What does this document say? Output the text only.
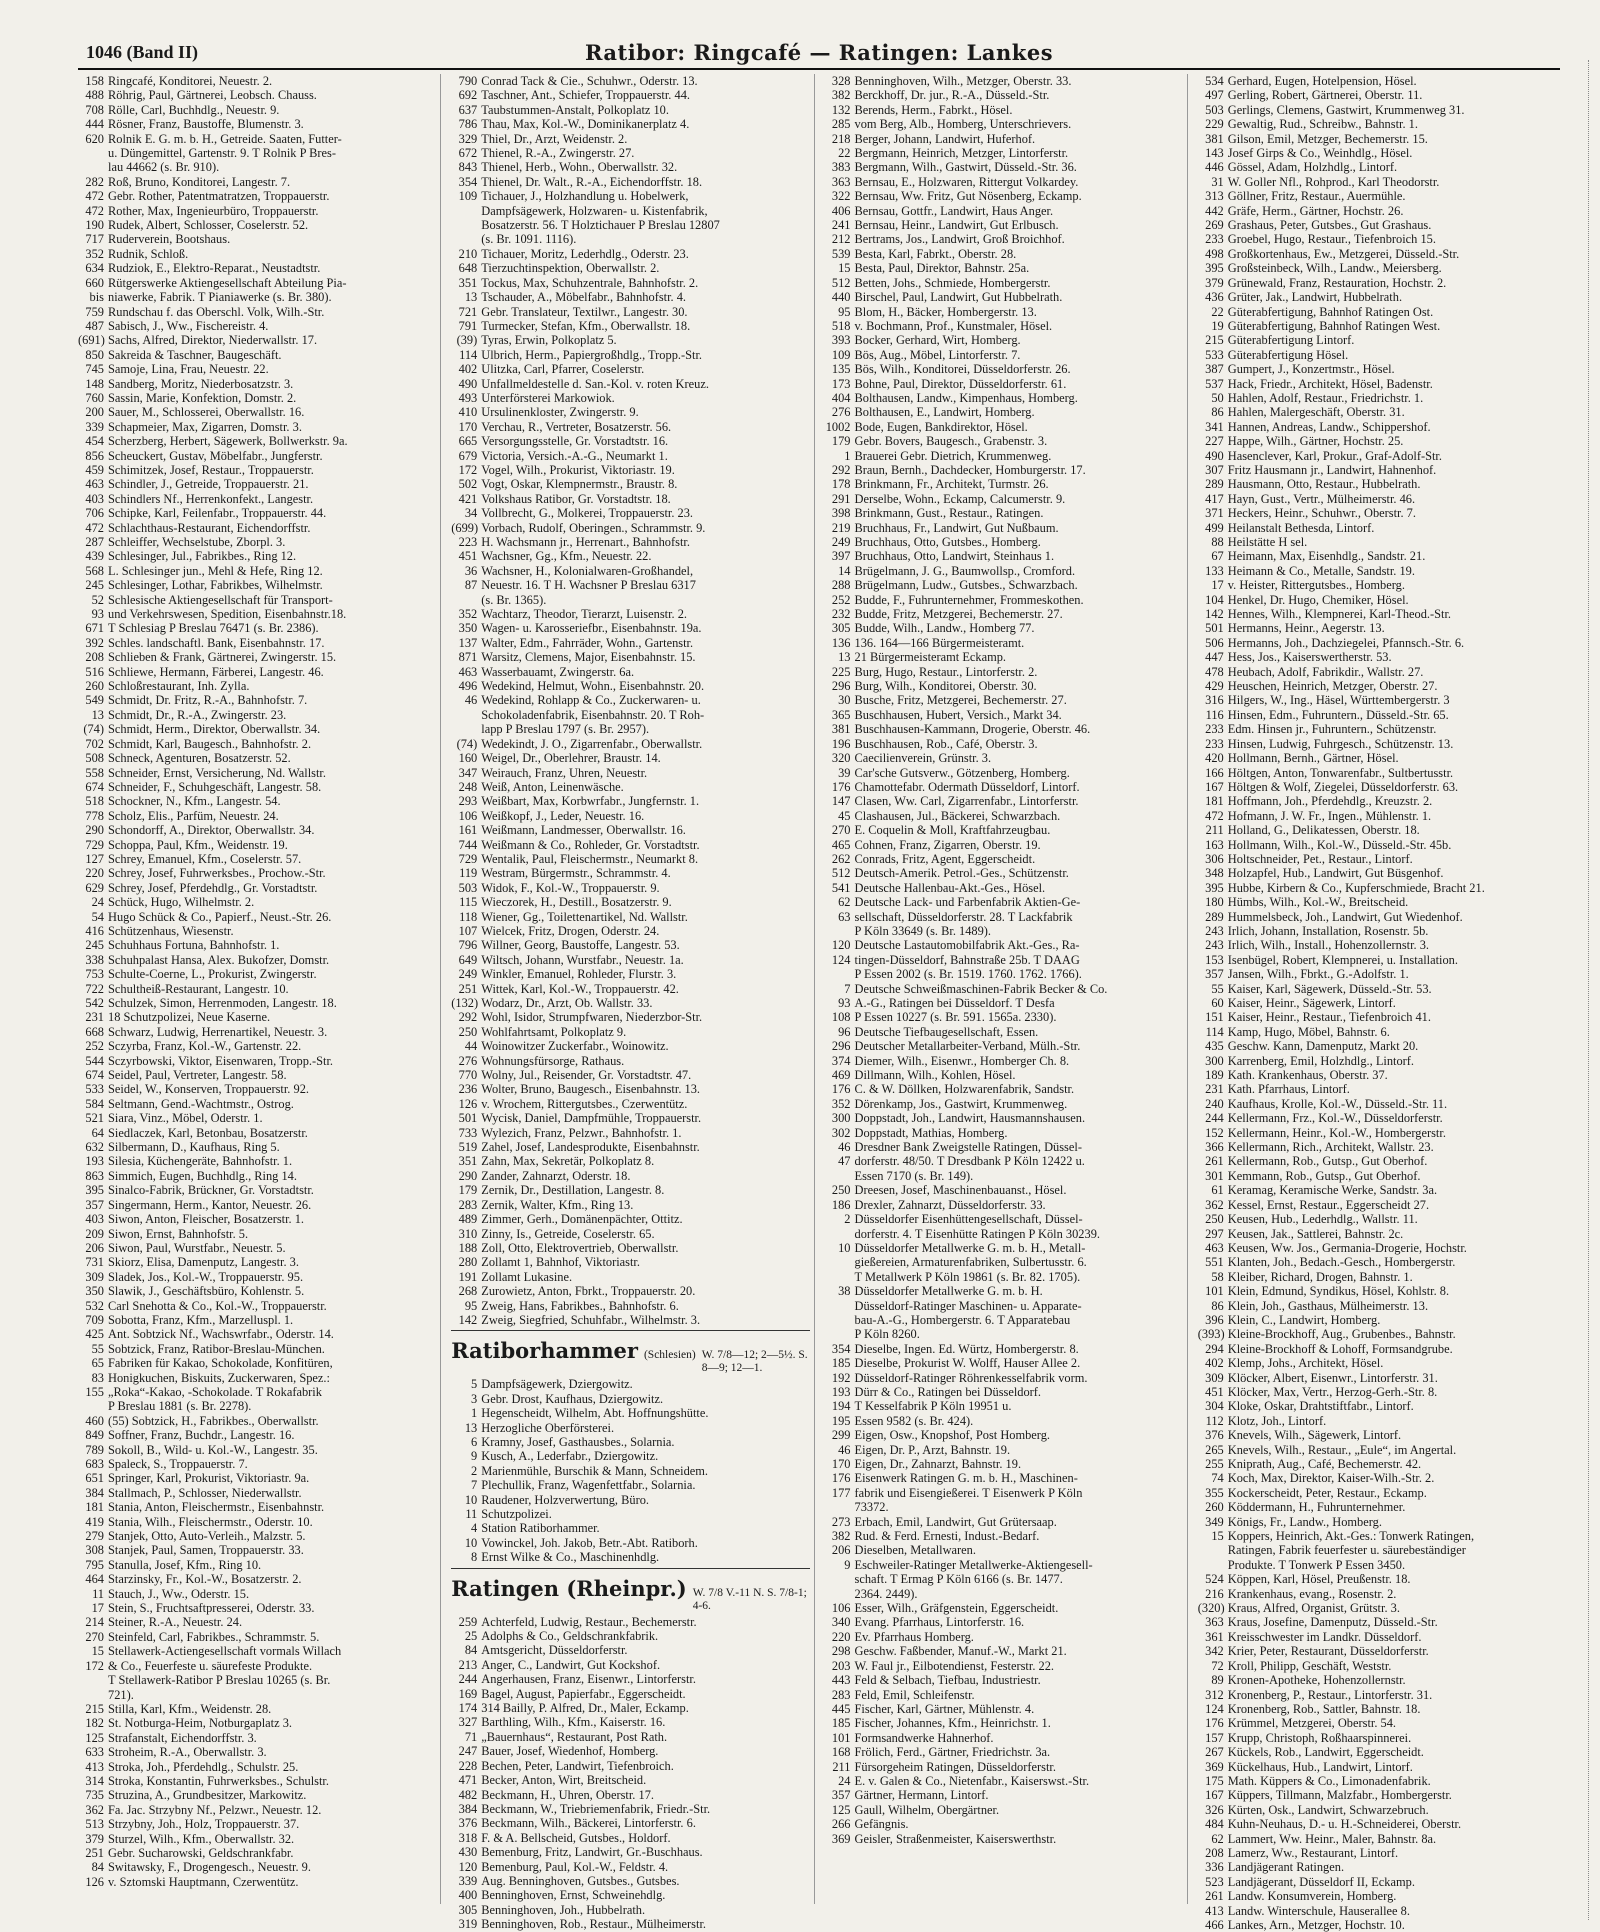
1046 (Band II)	Ratibor: Ringcafé — Ratingen: Lankes
158 Ringcafé, Konditorei, Neuestr. 2.
488 Röhrig, Paul, Gärtnerei, Leobsch. Chauss.
708 Rölle, Carl, Buchhdlg., Neuestr. 9.
444 Rösner, Franz, Baustoffe, Blumenstr. 3.
620 Rolnik E. G. m. b. H., Getreide. Saaten, Futter-
u. Düngemittel, Gartenstr. 9. T Rolnik P Bres-
lau 44662 (s. Br. 910).
282 Roß, Bruno, Konditorei, Langestr. 7.
472 Gebr. Rother, Patentmatratzen, Troppauerstr.
472 Rother, Max, Ingenieurbüro, Troppauerstr.
190 Rudek, Albert, Schlosser, Coselerstr. 52.
717 Ruderverein, Bootshaus.
352 Rudnik, Schloß.
634 Rudziok, E., Elektro-Reparat., Neustadtstr.
660 Rütgerswerke Aktiengesellschaft Abteilung Pia-
bis niawerke, Fabrik. T Pianiawerke (s. Br. 380).
759 Rundschau f. das Oberschl. Volk, Wilh.-Str.
487 Sabisch, J., Ww., Fischereistr. 4.
(691) Sachs, Alfred, Direktor, Niederwallstr. 17.
850 Sakreida & Taschner, Baugeschäft.
745 Samoje, Lina, Frau, Neuestr. 22.
148 Sandberg, Moritz, Niederbosatzstr. 3.
760 Sassin, Marie, Konfektion, Domstr. 2.
200 Sauer, M., Schlosserei, Oberwallstr. 16.
339 Schapmeier, Max, Zigarren, Domstr. 3.
454 Scherzberg, Herbert, Sägewerk, Bollwerkstr. 9a.
856 Scheuckert, Gustav, Möbelfabr., Jungferstr.
459 Schimitzek, Josef, Restaur., Troppauerstr.
463 Schindler, J., Getreide, Troppauerstr. 21.
403 Schindlers Nf., Herrenkonfekt., Langestr.
706 Schipke, Karl, Feilenfabr., Troppauerstr. 44.
472 Schlachthaus-Restaurant, Eichendorffstr.
287 Schleiffer, Wechselstube, Zborpl. 3.
439 Schlesinger, Jul., Fabrikbes., Ring 12.
568 L. Schlesinger jun., Mehl & Hefe, Ring 12.
245 Schlesinger, Lothar, Fabrikbes, Wilhelmstr.
52 Schlesische Aktiengesellschaft für Transport-
93 und Verkehrswesen, Spedition, Eisenbahnstr.18.
671 T Schlesiag P Breslau 76471 (s. Br. 2386).
392 Schles. landschaftl. Bank, Eisenbahnstr. 17.
208 Schlieben & Frank, Gärtnerei, Zwingerstr. 15.
516 Schliewe, Hermann, Färberei, Langestr. 46.
260 Schloßrestaurant, Inh. Zylla.
549 Schmidt, Dr. Fritz, R.-A., Bahnhofstr. 7.
13 Schmidt, Dr., R.-A., Zwingerstr. 23.
(74) Schmidt, Herm., Direktor, Oberwallstr. 34.
702 Schmidt, Karl, Baugesch., Bahnhofstr. 2.
508 Schneck, Agenturen, Bosatzerstr. 52.
558 Schneider, Ernst, Versicherung, Nd. Wallstr.
674 Schneider, F., Schuhgeschäft, Langestr. 58.
518 Schockner, N., Kfm., Langestr. 54.
778 Scholz, Elis., Parfüm, Neuestr. 24.
290 Schondorff, A., Direktor, Oberwallstr. 34.
729 Schoppa, Paul, Kfm., Weidenstr. 19.
127 Schrey, Emanuel, Kfm., Coselerstr. 57.
220 Schrey, Josef, Fuhrwerksbes., Prochow.-Str.
629 Schrey, Josef, Pferdehdlg., Gr. Vorstadtstr.
24 Schück, Hugo, Wilhelmstr. 2.
54 Hugo Schück & Co., Papierf., Neust.-Str. 26.
416 Schützenhaus, Wiesenstr.
245 Schuhhaus Fortuna, Bahnhofstr. 1.
338 Schuhpalast Hansa, Alex. Bukofzer, Domstr.
753 Schulte-Coerne, L., Prokurist, Zwingerstr.
722 Schultheiß-Restaurant, Langestr. 10.
542 Schulzek, Simon, Herrenmoden, Langestr. 18.
231 18 Schutzpolizei, Neue Kaserne.
668 Schwarz, Ludwig, Herrenartikel, Neuestr. 3.
252 Sczyrba, Franz, Kol.-W., Gartenstr. 22.
544 Sczyrbowski, Viktor, Eisenwaren, Tropp.-Str.
674 Seidel, Paul, Vertreter, Langestr. 58.
533 Seidel, W., Konserven, Troppauerstr. 92.
584 Seltmann, Gend.-Wachtmstr., Ostrog.
521 Siara, Vinz., Möbel, Oderstr. 1.
64 Siedlaczek, Karl, Betonbau, Bosatzerstr.
632 Silbermann, D., Kaufhaus, Ring 5.
193 Silesia, Küchengeräte, Bahnhofstr. 1.
863 Simmich, Eugen, Buchhdlg., Ring 14.
395 Sinalco-Fabrik, Brückner, Gr. Vorstadtstr.
357 Singermann, Herm., Kantor, Neuestr. 26.
403 Siwon, Anton, Fleischer, Bosatzerstr. 1.
209 Siwon, Ernst, Bahnhofstr. 5.
206 Siwon, Paul, Wurstfabr., Neuestr. 5.
731 Skiorz, Elisa, Damenputz, Langestr. 3.
309 Sladek, Jos., Kol.-W., Troppauerstr. 95.
350 Slawik, J., Geschäftsbüro, Kohlenstr. 5.
532 Carl Snehotta & Co., Kol.-W., Troppauerstr.
709 Sobotta, Franz, Kfm., Marzelluspl. 1.
425 Ant. Sobtzick Nf., Wachswrfabr., Oderstr. 14.
55 Sobtzick, Franz, Ratibor-Breslau-München.
65 Fabriken für Kakao, Schokolade, Konfitüren,
83 Honigkuchen, Biskuits, Zuckerwaren, Spez.:
155 „Roka“-Kakao, -Schokolade. T Rokafabrik
P Breslau 1881 (s. Br. 2278).
460 (55) Sobtzick, H., Fabrikbes., Oberwallstr.
849 Soffner, Franz, Buchdr., Langestr. 16.
789 Sokoll, B., Wild- u. Kol.-W., Langestr. 35.
683 Spaleck, S., Troppauerstr. 7.
651 Springer, Karl, Prokurist, Viktoriastr. 9a.
384 Stallmach, P., Schlosser, Niederwallstr.
181 Stania, Anton, Fleischermstr., Eisenbahnstr.
419 Stania, Wilh., Fleischermstr., Oderstr. 10.
279 Stanjek, Otto, Auto-Verleih., Malzstr. 5.
308 Stanjek, Paul, Samen, Troppauerstr. 33.
795 Stanulla, Josef, Kfm., Ring 10.
464 Starzinsky, Fr., Kol.-W., Bosatzerstr. 2.
11 Stauch, J., Ww., Oderstr. 15.
17 Stein, S., Fruchtsaftpresserei, Oderstr. 33.
214 Steiner, R.-A., Neuestr. 24.
270 Steinfeld, Carl, Fabrikbes., Schrammstr. 5.
15 Stellawerk-Actiengesellschaft vormals Willach
172 & Co., Feuerfeste u. säurefeste Produkte.
T Stellawerk-Ratibor P Breslau 10265 (s. Br.
721).
215 Stilla, Karl, Kfm., Weidenstr. 28.
182 St. Notburga-Heim, Notburgaplatz 3.
125 Strafanstalt, Eichendorffstr. 3.
633 Stroheim, R.-A., Oberwallstr. 3.
413 Stroka, Joh., Pferdehdlg., Schulstr. 25.
314 Stroka, Konstantin, Fuhrwerksbes., Schulstr.
735 Struzina, A., Grundbesitzer, Markowitz.
362 Fa. Jac. Strzybny Nf., Pelzwr., Neuestr. 12.
513 Strzybny, Joh., Holz, Troppauerstr. 37.
379 Sturzel, Wilh., Kfm., Oberwallstr. 32.
251 Gebr. Sucharowski, Geldschrankfabr.
84 Switawsky, F., Drogengesch., Neuestr. 9.
126 v. Sztomski Hauptmann, Czerwentütz.
790 Conrad Tack & Cie., Schuhwr., Oderstr. 13.
692 Taschner, Ant., Schiefer, Troppauerstr. 44.
637 Taubstummen-Anstalt, Polkoplatz 10.
786 Thau, Max, Kol.-W., Dominikanerplatz 4.
329 Thiel, Dr., Arzt, Weidenstr. 2.
672 Thienel, R.-A., Zwingerstr. 27.
843 Thienel, Herb., Wohn., Oberwallstr. 32.
354 Thienel, Dr. Walt., R.-A., Eichendorffstr. 18.
109 Tichauer, J., Holzhandlung u. Hobelwerk,
Dampfsägewerk, Holzwaren- u. Kistenfabrik,
Bosatzerstr. 56. T Holztichauer P Breslau 12807
(s. Br. 1091. 1116).
210 Tichauer, Moritz, Lederhdlg., Oderstr. 23.
648 Tierzuchtinspektion, Oberwallstr. 2.
351 Tockus, Max, Schuhzentrale, Bahnhofstr. 2.
13 Tschauder, A., Möbelfabr., Bahnhofstr. 4.
721 Gebr. Translateur, Textilwr., Langestr. 30.
791 Turmecker, Stefan, Kfm., Oberwallstr. 18.
(39) Tyras, Erwin, Polkoplatz 5.
114 Ulbrich, Herm., Papiergroßhdlg., Tropp.-Str.
402 Ulitzka, Carl, Pfarrer, Coselerstr.
490 Unfallmeldestelle d. San.-Kol. v. roten Kreuz.
493 Unterförsterei Markowiok.
410 Ursulinenkloster, Zwingerstr. 9.
170 Verchau, R., Vertreter, Bosatzerstr. 56.
665 Versorgungsstelle, Gr. Vorstadtstr. 16.
679 Victoria, Versich.-A.-G., Neumarkt 1.
172 Vogel, Wilh., Prokurist, Viktoriastr. 19.
502 Vogt, Oskar, Klempnermstr., Braustr. 8.
421 Volkshaus Ratibor, Gr. Vorstadtstr. 18.
34 Vollbrecht, G., Molkerei, Troppauerstr. 23.
(699) Vorbach, Rudolf, Oberingen., Schrammstr. 9.
223 H. Wachsmann jr., Herrenart., Bahnhofstr.
451 Wachsner, Gg., Kfm., Neuestr. 22.
36 Wachsner, H., Kolonialwaren-Großhandel,
87 Neuestr. 16. T H. Wachsner P Breslau 6317
(s. Br. 1365).
352 Wachtarz, Theodor, Tierarzt, Luisenstr. 2.
350 Wagen- u. Karosseriefbr., Eisenbahnstr. 19a.
137 Walter, Edm., Fahrräder, Wohn., Gartenstr.
871 Warsitz, Clemens, Major, Eisenbahnstr. 15.
463 Wasserbauamt, Zwingerstr. 6a.
496 Wedekind, Helmut, Wohn., Eisenbahnstr. 20.
46 Wedekind, Rohlapp & Co., Zuckerwaren- u.
Schokoladenfabrik, Eisenbahnstr. 20. T Roh-
lapp P Breslau 1797 (s. Br. 2957).
(74) Wedekindt, J. O., Zigarrenfabr., Oberwallstr.
160 Weigel, Dr., Oberlehrer, Braustr. 14.
347 Weirauch, Franz, Uhren, Neuestr.
248 Weiß, Anton, Leinenwäsche.
293 Weißbart, Max, Korbwrfabr., Jungfernstr. 1.
106 Weißkopf, J., Leder, Neuestr. 16.
161 Weißmann, Landmesser, Oberwallstr. 16.
744 Weißmann & Co., Rohleder, Gr. Vorstadtstr.
729 Wentalik, Paul, Fleischermstr., Neumarkt 8.
119 Westram, Bürgermstr., Schrammstr. 4.
503 Widok, F., Kol.-W., Troppauerstr. 9.
115 Wieczorek, H., Destill., Bosatzerstr. 9.
118 Wiener, Gg., Toilettenartikel, Nd. Wallstr.
107 Wielcek, Fritz, Drogen, Oderstr. 24.
796 Willner, Georg, Baustoffe, Langestr. 53.
649 Wiltsch, Johann, Wurstfabr., Neuestr. 1a.
249 Winkler, Emanuel, Rohleder, Flurstr. 3.
251 Wittek, Karl, Kol.-W., Troppauerstr. 42.
(132) Wodarz, Dr., Arzt, Ob. Wallstr. 33.
292 Wohl, Isidor, Strumpfwaren, Niederzbor-Str.
250 Wohlfahrtsamt, Polkoplatz 9.
44 Woinowitzer Zuckerfabr., Woinowitz.
276 Wohnungsfürsorge, Rathaus.
770 Wolny, Jul., Reisender, Gr. Vorstadtstr. 47.
236 Wolter, Bruno, Baugesch., Eisenbahnstr. 13.
126 v. Wrochem, Rittergutsbes., Czerwentütz.
501 Wycisk, Daniel, Dampfmühle, Troppauerstr.
733 Wylezich, Franz, Pelzwr., Bahnhofstr. 1.
519 Zahel, Josef, Landesprodukte, Eisenbahnstr.
351 Zahn, Max, Sekretär, Polkoplatz 8.
290 Zander, Zahnarzt, Oderstr. 18.
179 Zernik, Dr., Destillation, Langestr. 8.
283 Zernik, Walter, Kfm., Ring 13.
489 Zimmer, Gerh., Domänenpächter, Ottitz.
310 Zinny, Is., Getreide, Coselerstr. 65.
188 Zoll, Otto, Elektrovertrieb, Oberwallstr.
280 Zollamt 1, Bahnhof, Viktoriastr.
191 Zollamt Lukasine.
268 Zurowietz, Anton, Fbrkt., Troppauerstr. 20.
95 Zweig, Hans, Fabrikbes., Bahnhofstr. 6.
142 Zweig, Siegfried, Schuhfabr., Wilhelmstr. 3.
Ratiborhammer (Schlesien) W. 7/8—12; 2—5½. S. 8—9; 12—1.
5 Dampfsägewerk, Dziergowitz.
3 Gebr. Drost, Kaufhaus, Dziergowitz.
1 Hegenscheidt, Wilhelm, Abt. Hoffnungshütte.
13 Herzogliche Oberförsterei.
6 Kramny, Josef, Gasthausbes., Solarnia.
9 Kusch, A., Lederfabr., Dziergowitz.
2 Marienmühle, Burschik & Mann, Schneidem.
7 Plechullik, Franz, Wagenfettfabr., Solarnia.
10 Raudener, Holzverwertung, Büro.
11 Schutzpolizei.
4 Station Ratiborhammer.
10 Vowinckel, Joh. Jakob, Betr.-Abt. Ratiborh.
8 Ernst Wilke & Co., Maschinenhdlg.
Ratingen (Rheinpr.) W. 7/8 V.-11 N. S. 7/8-1; 4-6.
259 Achterfeld, Ludwig, Restaur., Bechemerstr.
25 Adolphs & Co., Geldschrankfabrik.
84 Amtsgericht, Düsseldorferstr.
213 Anger, C., Landwirt, Gut Kockshof.
244 Angerhausen, Franz, Eisenwr., Lintorferstr.
169 Bagel, August, Papierfabr., Eggerscheidt.
174 314 Bailly, P. Alfred, Dr., Maler, Eckamp.
327 Barthling, Wilh., Kfm., Kaiserstr. 16.
71 „Bauernhaus“, Restaurant, Post Rath.
247 Bauer, Josef, Wiedenhof, Homberg.
228 Bechen, Peter, Landwirt, Tiefenbroich.
471 Becker, Anton, Wirt, Breitscheid.
482 Beckmann, H., Uhren, Oberstr. 17.
384 Beckmann, W., Triebriemenfabrik, Friedr.-Str.
376 Beckmann, Wilh., Bäckerei, Lintorferstr. 6.
318 F. & A. Bellscheid, Gutsbes., Holdorf.
430 Bemenburg, Fritz, Landwirt, Gr.-Buschhaus.
120 Bemenburg, Paul, Kol.-W., Feldstr. 4.
339 Aug. Benninghoven, Gutsbes., Gutsbes.
400 Benninghoven, Ernst, Schweinehdlg.
305 Benninghoven, Joh., Hubbelrath.
319 Benninghoven, Rob., Restaur., Mülheimerstr.
328 Benninghoven, Wilh., Metzger, Oberstr. 33.
382 Berckhoff, Dr. jur., R.-A., Düsseld.-Str.
132 Berends, Herm., Fabrkt., Hösel.
285 vom Berg, Alb., Homberg, Unterschrievers.
218 Berger, Johann, Landwirt, Huferhof.
22 Bergmann, Heinrich, Metzger, Lintorferstr.
383 Bergmann, Wilh., Gastwirt, Düsseld.-Str. 36.
363 Bernsau, E., Holzwaren, Rittergut Volkardey.
322 Bernsau, Ww. Fritz, Gut Nösenberg, Eckamp.
406 Bernsau, Gottfr., Landwirt, Haus Anger.
241 Bernsau, Heinr., Landwirt, Gut Erlbusch.
212 Bertrams, Jos., Landwirt, Groß Broichhof.
539 Besta, Karl, Fabrkt., Oberstr. 28.
15 Besta, Paul, Direktor, Bahnstr. 25a.
512 Betten, Johs., Schmiede, Hombergerstr.
440 Birschel, Paul, Landwirt, Gut Hubbelrath.
95 Blom, H., Bäcker, Hombergerstr. 13.
518 v. Bochmann, Prof., Kunstmaler, Hösel.
393 Bocker, Gerhard, Wirt, Homberg.
109 Bös, Aug., Möbel, Lintorferstr. 7.
135 Bös, Wilh., Konditorei, Düsseldorferstr. 26.
173 Bohne, Paul, Direktor, Düsseldorferstr. 61.
404 Bolthausen, Landw., Kimpenhaus, Homberg.
276 Bolthausen, E., Landwirt, Homberg.
1002 Bode, Eugen, Bankdirektor, Hösel.
179 Gebr. Bovers, Baugesch., Grabenstr. 3.
1 Brauerei Gebr. Dietrich, Krummenweg.
292 Braun, Bernh., Dachdecker, Homburgerstr. 17.
178 Brinkmann, Fr., Architekt, Turmstr. 26.
291 Derselbe, Wohn., Eckamp, Calcumerstr. 9.
398 Brinkmann, Gust., Restaur., Ratingen.
219 Bruchhaus, Fr., Landwirt, Gut Nußbaum.
249 Bruchhaus, Otto, Gutsbes., Homberg.
397 Bruchhaus, Otto, Landwirt, Steinhaus 1.
14 Brügelmann, J. G., Baumwollsp., Cromford.
288 Brügelmann, Ludw., Gutsbes., Schwarzbach.
252 Budde, F., Fuhrunternehmer, Frommeskothen.
232 Budde, Fritz, Metzgerei, Bechemerstr. 27.
305 Budde, Wilh., Landw., Homberg 77.
136 136. 164—166 Bürgermeisteramt.
13 21 Bürgermeisteramt Eckamp.
225 Burg, Hugo, Restaur., Lintorferstr. 2.
296 Burg, Wilh., Konditorei, Oberstr. 30.
30 Busche, Fritz, Metzgerei, Bechemerstr. 27.
365 Buschhausen, Hubert, Versich., Markt 34.
381 Buschhausen-Kammann, Drogerie, Oberstr. 46.
196 Buschhausen, Rob., Café, Oberstr. 3.
320 Caecilienverein, Grünstr. 3.
39 Car'sche Gutsverw., Götzenberg, Homberg.
176 Chamottefabr. Odermath Düsseldorf, Lintorf.
147 Clasen, Ww. Carl, Zigarrenfabr., Lintorferstr.
45 Clashausen, Jul., Bäckerei, Schwarzbach.
270 E. Coquelin & Moll, Kraftfahrzeugbau.
465 Cohnen, Franz, Zigarren, Oberstr. 19.
262 Conrads, Fritz, Agent, Eggerscheidt.
512 Deutsch-Amerik. Petrol.-Ges., Schützenstr.
541 Deutsche Hallenbau-Akt.-Ges., Hösel.
62 Deutsche Lack- und Farbenfabrik Aktien-Ge-
63 sellschaft, Düsseldorferstr. 28. T Lackfabrik
P Köln 33649 (s. Br. 1489).
120 Deutsche Lastautomobilfabrik Akt.-Ges., Ra-
124 tingen-Düsseldorf, Bahnstraße 25b. T DAAG
P Essen 2002 (s. Br. 1519. 1760. 1762. 1766).
7 Deutsche Schweißmaschinen-Fabrik Becker & Co.
93 A.-G., Ratingen bei Düsseldorf. T Desfa
108 P Essen 10227 (s. Br. 591. 1565a. 2330).
96 Deutsche Tiefbaugesellschaft, Essen.
296 Deutscher Metallarbeiter-Verband, Mülh.-Str.
374 Diemer, Wilh., Eisenwr., Homberger Ch. 8.
469 Dillmann, Wilh., Kohlen, Hösel.
176 C. & W. Döllken, Holzwarenfabrik, Sandstr.
352 Dörenkamp, Jos., Gastwirt, Krummenweg.
300 Doppstadt, Joh., Landwirt, Hausmannshausen.
302 Doppstadt, Mathias, Homberg.
46 Dresdner Bank Zweigstelle Ratingen, Düssel-
47 dorferstr. 48/50. T Dresdbank P Köln 12422 u.
Essen 7170 (s. Br. 149).
250 Dreesen, Josef, Maschinenbauanst., Hösel.
186 Drexler, Zahnarzt, Düsseldorferstr. 33.
2 Düsseldorfer Eisenhüttengesellschaft, Düssel-
dorferstr. 4. T Eisenhütte Ratingen P Köln 30239.
10 Düsseldorfer Metallwerke G. m. b. H., Metall-
gießereien, Armaturenfabriken, Sulbertusstr. 6.
T Metallwerk P Köln 19861 (s. Br. 82. 1705).
38 Düsseldorfer Metallwerke G. m. b. H.
Düsseldorf-Ratinger Maschinen- u. Apparate-
bau-A.-G., Hombergerstr. 6. T Apparatebau
P Köln 8260.
354 Dieselbe, Ingen. Ed. Würtz, Hombergerstr. 8.
185 Dieselbe, Prokurist W. Wolff, Hauser Allee 2.
192 Düsseldorf-Ratinger Röhrenkesselfabrik vorm.
193 Dürr & Co., Ratingen bei Düsseldorf.
194 T Kesselfabrik P Köln 19951 u.
195 Essen 9582 (s. Br. 424).
299 Eigen, Osw., Knopshof, Post Homberg.
46 Eigen, Dr. P., Arzt, Bahnstr. 19.
170 Eigen, Dr., Zahnarzt, Bahnstr. 19.
176 Eisenwerk Ratingen G. m. b. H., Maschinen-
177 fabrik und Eisengießerei. T Eisenwerk P Köln
73372.
273 Erbach, Emil, Landwirt, Gut Grütersaap.
382 Rud. & Ferd. Ernesti, Indust.-Bedarf.
206 Dieselben, Metallwaren.
9 Eschweiler-Ratinger Metallwerke-Aktiengesell-
schaft. T Ermag P Köln 6166 (s. Br. 1477.
2364. 2449).
106 Esser, Wilh., Gräfgenstein, Eggerscheidt.
340 Evang. Pfarrhaus, Lintorferstr. 16.
220 Ev. Pfarrhaus Homberg.
298 Geschw. Faßbender, Manuf.-W., Markt 21.
203 W. Faul jr., Eilbotendienst, Festerstr. 22.
443 Feld & Selbach, Tiefbau, Industriestr.
283 Feld, Emil, Schleifenstr.
445 Fischer, Karl, Gärtner, Mühlenstr. 4.
185 Fischer, Johannes, Kfm., Heinrichstr. 1.
101 Formsandwerke Hahnerhof.
168 Frölich, Ferd., Gärtner, Friedrichstr. 3a.
211 Fürsorgeheim Ratingen, Düsseldorferstr.
24 E. v. Galen & Co., Nietenfabr., Kaiserswst.-Str.
357 Gärtner, Hermann, Lintorf.
125 Gaull, Wilhelm, Obergärtner.
266 Gefängnis.
369 Geisler, Straßenmeister, Kaiserswerthstr.
534 Gerhard, Eugen, Hotelpension, Hösel.
497 Gerling, Robert, Gärtnerei, Oberstr. 11.
503 Gerlings, Clemens, Gastwirt, Krummenweg 31.
229 Gewaltig, Rud., Schreibw., Bahnstr. 1.
381 Gilson, Emil, Metzger, Bechemerstr. 15.
143 Josef Girps & Co., Weinhdlg., Hösel.
446 Gössel, Adam, Holzhdlg., Lintorf.
31 W. Goller Nfl., Rohprod., Karl Theodorstr.
313 Göllner, Fritz, Restaur., Auermühle.
442 Gräfe, Herm., Gärtner, Hochstr. 26.
269 Grashaus, Peter, Gutsbes., Gut Grashaus.
233 Groebel, Hugo, Restaur., Tiefenbroich 15.
498 Großkortenhaus, Ew., Metzgerei, Düsseld.-Str.
395 Großsteinbeck, Wilh., Landw., Meiersberg.
379 Grünewald, Franz, Restauration, Hochstr. 2.
436 Grüter, Jak., Landwirt, Hubbelrath.
22 Güterabfertigung, Bahnhof Ratingen Ost.
19 Güterabfertigung, Bahnhof Ratingen West.
215 Güterabfertigung Lintorf.
533 Güterabfertigung Hösel.
387 Gumpert, J., Konzertmstr., Hösel.
537 Hack, Friedr., Architekt, Hösel, Badenstr.
50 Hahlen, Adolf, Restaur., Friedrichstr. 1.
86 Hahlen, Malergeschäft, Oberstr. 31.
341 Hannen, Andreas, Landw., Schippershof.
227 Happe, Wilh., Gärtner, Hochstr. 25.
490 Hasenclever, Karl, Prokur., Graf-Adolf-Str.
307 Fritz Hausmann jr., Landwirt, Hahnenhof.
289 Hausmann, Otto, Restaur., Hubbelrath.
417 Hayn, Gust., Vertr., Mülheimerstr. 46.
371 Heckers, Heinr., Schuhwr., Oberstr. 7.
499 Heilanstalt Bethesda, Lintorf.
88 Heilstätte H sel.
67 Heimann, Max, Eisenhdlg., Sandstr. 21.
133 Heimann & Co., Metalle, Sandstr. 19.
17 v. Heister, Rittergutsbes., Homberg.
104 Henkel, Dr. Hugo, Chemiker, Hösel.
142 Hennes, Wilh., Klempnerei, Karl-Theod.-Str.
501 Hermanns, Heinr., Aegerstr. 13.
506 Hermanns, Joh., Dachziegelei, Pfannsch.-Str. 6.
447 Hess, Jos., Kaiserswertherstr. 53.
478 Heubach, Adolf, Fabrikdir., Wallstr. 27.
429 Heuschen, Heinrich, Metzger, Oberstr. 27.
316 Hilgers, W., Ing., Häsel, Württembergerstr. 3
116 Hinsen, Edm., Fuhruntern., Düsseld.-Str. 65.
233 Edm. Hinsen jr., Fuhruntern., Schützenstr.
233 Hinsen, Ludwig, Fuhrgesch., Schützenstr. 13.
420 Hollmann, Bernh., Gärtner, Hösel.
166 Höltgen, Anton, Tonwarenfabr., Sultbertusstr.
167 Höltgen & Wolf, Ziegelei, Düsseldorferstr. 63.
181 Hoffmann, Joh., Pferdehdlg., Kreuzstr. 2.
472 Hofmann, J. W. Fr., Ingen., Mühlenstr. 1.
211 Holland, G., Delikatessen, Oberstr. 18.
163 Hollmann, Wilh., Kol.-W., Düsseld.-Str. 45b.
306 Holtschneider, Pet., Restaur., Lintorf.
348 Holzapfel, Hub., Landwirt, Gut Büsgenhof.
395 Hubbe, Kirbern & Co., Kupferschmiede, Bracht 21.
180 Hümbs, Wilh., Kol.-W., Breitscheid.
289 Hummelsbeck, Joh., Landwirt, Gut Wiedenhof.
243 Irlich, Johann, Installation, Rosenstr. 5b.
243 Irlich, Wilh., Install., Hohenzollernstr. 3.
153 Isenbügel, Robert, Klempnerei, u. Installation.
357 Jansen, Wilh., Fbrkt., G.-Adolfstr. 1.
55 Kaiser, Karl, Sägewerk, Düsseld.-Str. 53.
60 Kaiser, Heinr., Sägewerk, Lintorf.
151 Kaiser, Heinr., Restaur., Tiefenbroich 41.
114 Kamp, Hugo, Möbel, Bahnstr. 6.
435 Geschw. Kann, Damenputz, Markt 20.
300 Karrenberg, Emil, Holzhdlg., Lintorf.
189 Kath. Krankenhaus, Oberstr. 37.
231 Kath. Pfarrhaus, Lintorf.
240 Kaufhaus, Krolle, Kol.-W., Düsseld.-Str. 11.
244 Kellermann, Frz., Kol.-W., Düsseldorferstr.
152 Kellermann, Heinr., Kol.-W., Hombergerstr.
366 Kellermann, Rich., Architekt, Wallstr. 23.
261 Kellermann, Rob., Gutsp., Gut Oberhof.
301 Kemmann, Rob., Gutsp., Gut Oberhof.
61 Keramag, Keramische Werke, Sandstr. 3a.
362 Kessel, Ernst, Restaur., Eggerscheidt 27.
250 Keusen, Hub., Lederhdlg., Wallstr. 11.
297 Keusen, Jak., Sattlerei, Bahnstr. 2c.
463 Keusen, Ww. Jos., Germania-Drogerie, Hochstr.
551 Klanten, Joh., Bedach.-Gesch., Hombergerstr.
58 Kleiber, Richard, Drogen, Bahnstr. 1.
101 Klein, Edmund, Syndikus, Hösel, Kohlstr. 8.
86 Klein, Joh., Gasthaus, Mülheimerstr. 13.
396 Klein, C., Landwirt, Homberg.
(393) Kleine-Brockhoff, Aug., Grubenbes., Bahnstr.
294 Kleine-Brockhoff & Lohoff, Formsandgrube.
402 Klemp, Johs., Architekt, Hösel.
309 Klöcker, Albert, Eisenwr., Lintorferstr. 31.
451 Klöcker, Max, Vertr., Herzog-Gerh.-Str. 8.
304 Kloke, Oskar, Drahtstiftfabr., Lintorf.
112 Klotz, Joh., Lintorf.
376 Knevels, Wilh., Sägewerk, Lintorf.
265 Knevels, Wilh., Restaur., „Eule“, im Angertal.
255 Kniprath, Aug., Café, Bechemerstr. 42.
74 Koch, Max, Direktor, Kaiser-Wilh.-Str. 2.
355 Kockerscheidt, Peter, Restaur., Eckamp.
260 Köddermann, H., Fuhrunternehmer.
349 Königs, Fr., Landw., Homberg.
15 Koppers, Heinrich, Akt.-Ges.: Tonwerk Ratingen,
Ratingen, Fabrik feuerfester u. säurebeständiger
Produkte. T Tonwerk P Essen 3450.
524 Köppen, Karl, Hösel, Preußenstr. 18.
216 Krankenhaus, evang., Rosenstr. 2.
(320) Kraus, Alfred, Organist, Grütstr. 3.
363 Kraus, Josefine, Damenputz, Düsseld.-Str.
361 Kreisschwester im Landkr. Düsseldorf.
342 Krier, Peter, Restaurant, Düsseldorferstr.
72 Kroll, Philipp, Geschäft, Weststr.
89 Kronen-Apotheke, Hohenzollernstr.
312 Kronenberg, P., Restaur., Lintorferstr. 31.
124 Kronenberg, Rob., Sattler, Bahnstr. 18.
176 Krümmel, Metzgerei, Oberstr. 54.
157 Krupp, Christoph, Roßhaarspinnerei.
267 Kückels, Rob., Landwirt, Eggerscheidt.
369 Kückelhaus, Hub., Landwirt, Lintorf.
175 Math. Küppers & Co., Limonadenfabrik.
167 Küppers, Tillmann, Malzfabr., Hombergerstr.
326 Kürten, Osk., Landwirt, Schwarzebruch.
484 Kuhn-Neuhaus, D.- u. H.-Schneiderei, Oberstr.
62 Lammert, Ww. Heinr., Maler, Bahnstr. 8a.
208 Lamerz, Ww., Restaurant, Lintorf.
336 Landjägerant Ratingen.
523 Landjägerant, Düsseldorf II, Eckamp.
261 Landw. Konsumverein, Homberg.
413 Landw. Winterschule, Hauserallee 8.
466 Lankes, Arn., Metzger, Hochstr. 10.
